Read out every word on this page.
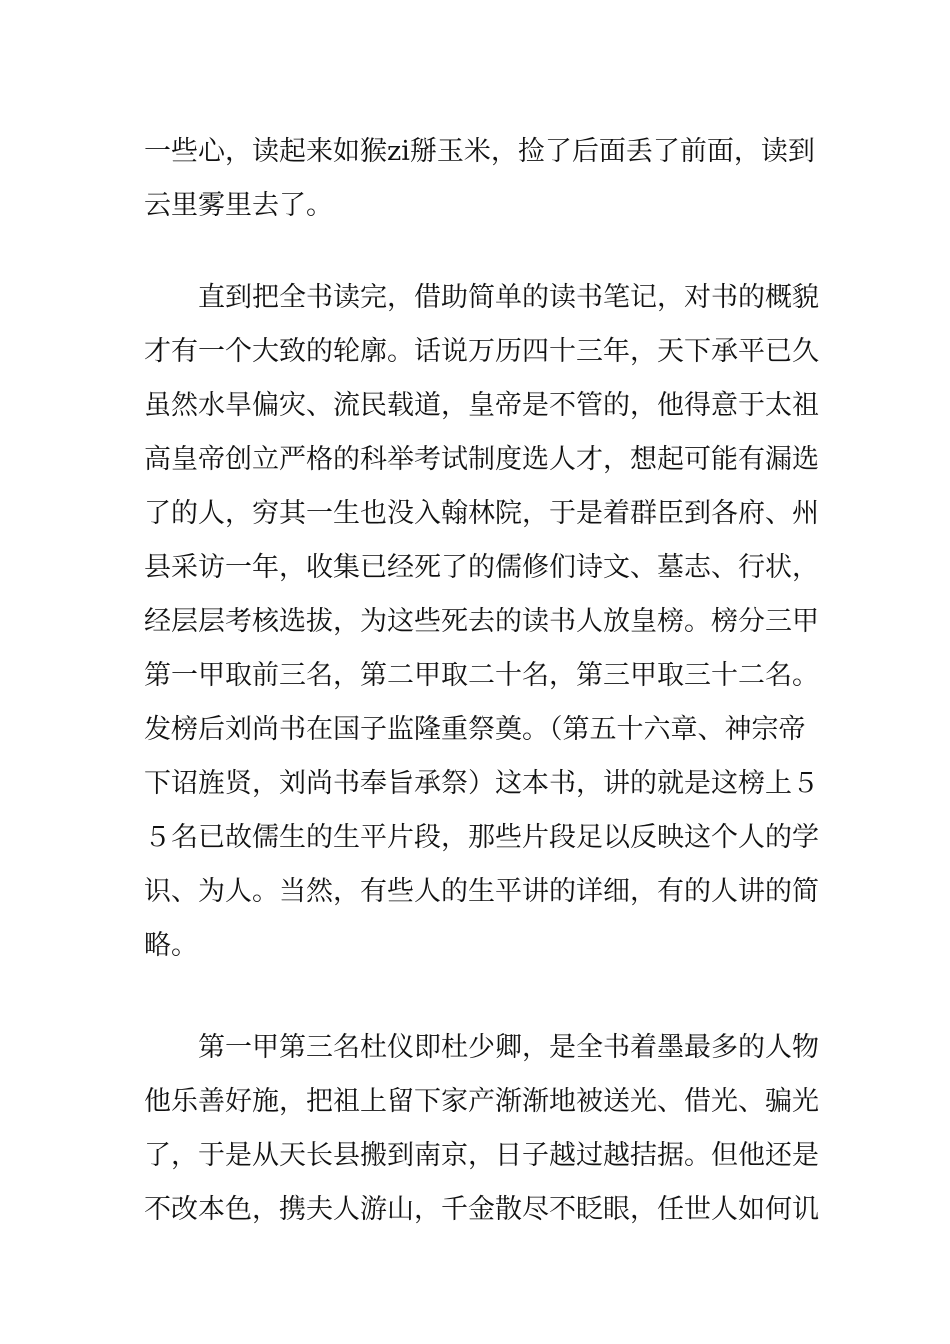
一些心，读起来如猴zi掰玉米，捡了后面丢了前面，读到
云里雾里去了。
　　直到把全书读完，借助简单的读书笔记，对书的概貌
才有一个大致的轮廓。话说万历四十三年，天下承平已久
虽然水旱偏灾、流民载道，皇帝是不管的，他得意于太祖
高皇帝创立严格的科举考试制度选人才，想起可能有漏选
了的人，穷其一生也没入翰林院，于是着群臣到各府、州
县采访一年，收集已经死了的儒修们诗文、墓志、行状，
经层层考核选拔，为这些死去的读书人放皇榜。榜分三甲
第一甲取前三名，第二甲取二十名，第三甲取三十二名。
发榜后刘尚书在国子监隆重祭奠。（第五十六章、神宗帝
下诏旌贤，刘尚书奉旨承祭）这本书，讲的就是这榜上５
５名已故儒生的生平片段，那些片段足以反映这个人的学
识、为人。当然，有些人的生平讲的详细，有的人讲的简
略。
　　第一甲第三名杜仪即杜少卿，是全书着墨最多的人物
他乐善好施，把祖上留下家产渐渐地被送光、借光、骗光
了，于是从天长县搬到南京，日子越过越拮据。但他还是
不改本色，携夫人游山，千金散尽不眨眼，任世人如何讥
